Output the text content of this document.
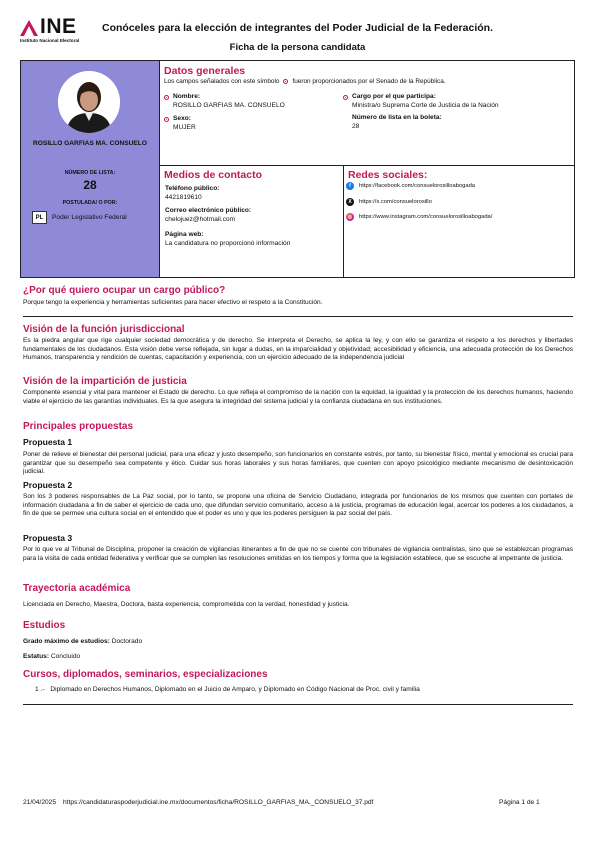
INE
Instituto Nacional Electoral
Conóceles para la elección de integrantes del Poder Judicial de la Federación.
Ficha de la persona candidata
ROSILLO GARFIAS MA. CONSUELO
NÚMERO DE LISTA:
28
POSTULADA/ O POR:
PL	Poder Legislativo Federal
Datos generales
Los campos señalados con este símbolo fueron proporcionados por el Senado de la República.
Nombre:
ROSILLO GARFIAS MA. CONSUELO
Sexo:
MUJER
Cargo por el que participa:
Ministra/o Suprema Corte de Justicia de la Nación
Número de lista en la boleta:
28
Medios de contacto
Teléfono público:
4421819610
Correo electrónico público:
chelojuez@hotmail.com
Página web:
La candidatura no proporcionó información
Redes sociales:
f	https://facebook.com/consuelorosilloabogada
X	https://x.com/consuelorosillo
◎	https://www.instagram.com/consuelorosilloabogada/
¿Por qué quiero ocupar un cargo público?
Porque tengo la experiencia y herramientas suficientes para hacer efectivo el respeto a la Constitución.
Visión de la función jurisdiccional
Es la piedra angular que rige cualquier sociedad democrática y de derecho. Se interpreta el Derecho, se aplica la ley, y con ello se garantiza el respeto a los derechos y libertades fundamentales de los ciudadanos. Esta visión debe verse reflejada, sin lugar a dudas, en la imparcialidad y objetividad; accesibilidad y eficiencia, una adecuada protección de los Derechos Humanos, transparencia y rendición de cuentas, capacitación y experiencia, con un ejercicio adecuado de la independencia judicial
Visión de la impartición de justicia
Componente esencial y vital para mantener el Estado de derecho. Lo que refleja el compromiso de la nación con la equidad, la igualdad y la protección de los derechos humanos, haciendo viable el ejercicio de las garantías individuales. Es la que asegura la integridad del sistema judicial y la confianza ciudadana en sus instituciones.
Principales propuestas
Propuesta 1
Poner de relieve el bienestar del personal judicial, para una eficaz y justo desempeño, son funcionarios en constante estrés, por tanto, su bienestar físico, mental y emocional es crucial para garantizar que su desempeño sea competente y ético. Cuidar sus horas laborales y sus horas familiares, que cuenten con apoyo psicológico mediante mecanismo de desintoxicación judicial.
Propuesta 2
Son los 3 poderes responsables de La Paz social, por lo tanto, se propone una oficina de Servicio Ciudadano, integrada por funcionarios de los mismos que cuenten con portales de información ciudadana a fin de saber el ejercicio de cada uno, que difundan servicio comunitario, acceso a la justicia, programas de educación legal, acercar los poderes a los ciudadanos, a fin de que se permee una cultura social en el entendido que el poder es uno y que los poderes persiguen la paz social del país.
Propuesta 3
Por lo que ve al Tribunal de Disciplina, proponer la creación de vigilancias itinerantes a fin de que no se cuente con tribunales de vigilancia centralistas, sino que se establezcan programas para la visita de cada entidad federativa y verificar que se cumplen las resoluciones emitidas en los tiempos y forma que la legislación establece, que se escuche al impetrante de justicia.
Trayectoria académica
Licenciada en Derecho, Maestra, Doctora, basta experiencia, comprometida con la verdad, honestidad y justicia.
Estudios
Grado máximo de estudios: Doctorado
Estatus: Concluido
Cursos, diplomados, seminarios, especializaciones
1 .- Diplomado en Derechos Humanos, Diplomado en el Juicio de Amparo, y Diplomado en Código Nacional de Proc. civil y familia
21/04/2025 https://candidaturaspoderjudicial.ine.mx/documentos/ficha/ROSILLO_GARFIAS_MA._CONSUELO_37.pdf	Página 1 de 1
